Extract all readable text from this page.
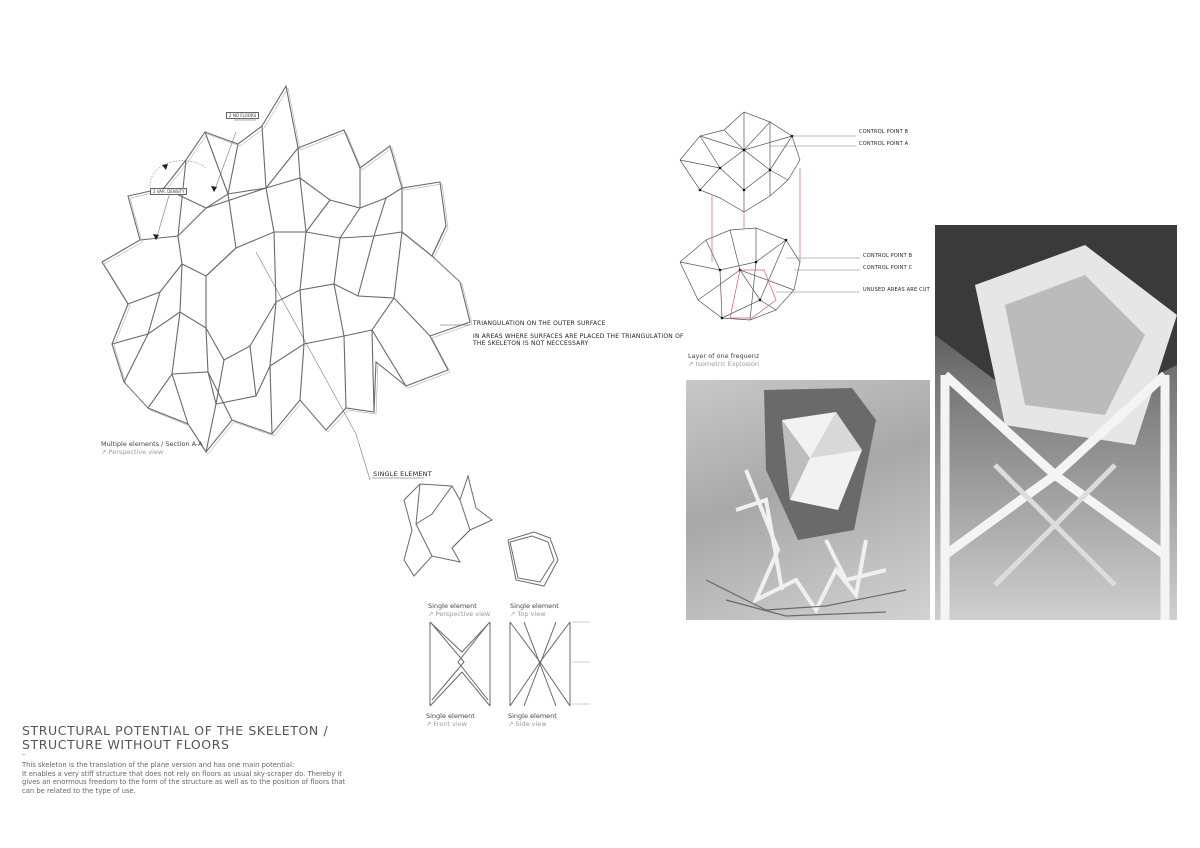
2 NO FLOORS
2 VAR. DENSITY
Multiple elements / Section A-A
↗ Perspective view
TRIANGULATION ON THE OUTER SURFACE
IN AREAS WHERE SURFACES ARE PLACED THE TRIANGULATION OF
THE SKELETON IS NOT NECCESSARY
SINGLE ELEMENT
Single element
↗ Perspective view
Single element
↗ Top view
Single element
↗ Front view
Single element
↗ Side view
CONTROL POINT B
CONTROL POINT A
CONTROL POINT B
CONTROL POINT C
UNUSED AREAS ARE CUT
Layer of one frequenz
↗ Isometric Explosion
STRUCTURAL POTENTIAL OF THE SKELETON /
STRUCTURE WITHOUT FLOORS
This skeleton is the translation of the plane version and has one main potential:
It enables a very stiff structure that does not rely on floors as usual sky-scraper do. Thereby it
gives an enormous freedom to the form of the structure as well as to the position of floors that
can be related to the type of use.
